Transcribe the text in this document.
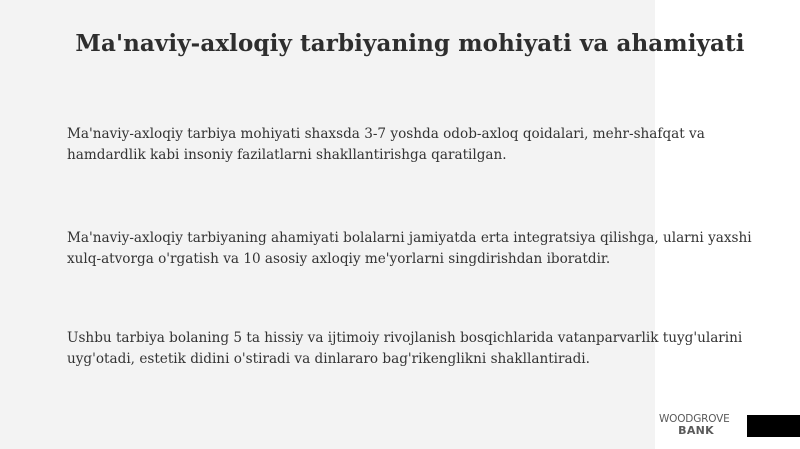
Ma'naviy-axloqiy tarbiyaning mohiyati va ahamiyati
Ma'naviy-axloqiy tarbiya mohiyati shaxsda 3-7 yoshda odob-axloq qoidalari, mehr-shafqat va hamdardlik kabi insoniy fazilatlarni shakllantirishga qaratilgan.
Ma'naviy-axloqiy tarbiyaning ahamiyati bolalarni jamiyatda erta integratsiya qilishga, ularni yaxshi xulq-atvorga o'rgatish va 10 asosiy axloqiy me'yorlarni singdirishdan iboratdir.
Ushbu tarbiya bolaning 5 ta hissiy va ijtimoiy rivojlanish bosqichlarida vatanparvarlik tuyg'ularini uyg'otadi, estetik didini o'stiradi va dinlararo bag'rikenglikni shakllantiradi.
WOODGROVE
BANK
